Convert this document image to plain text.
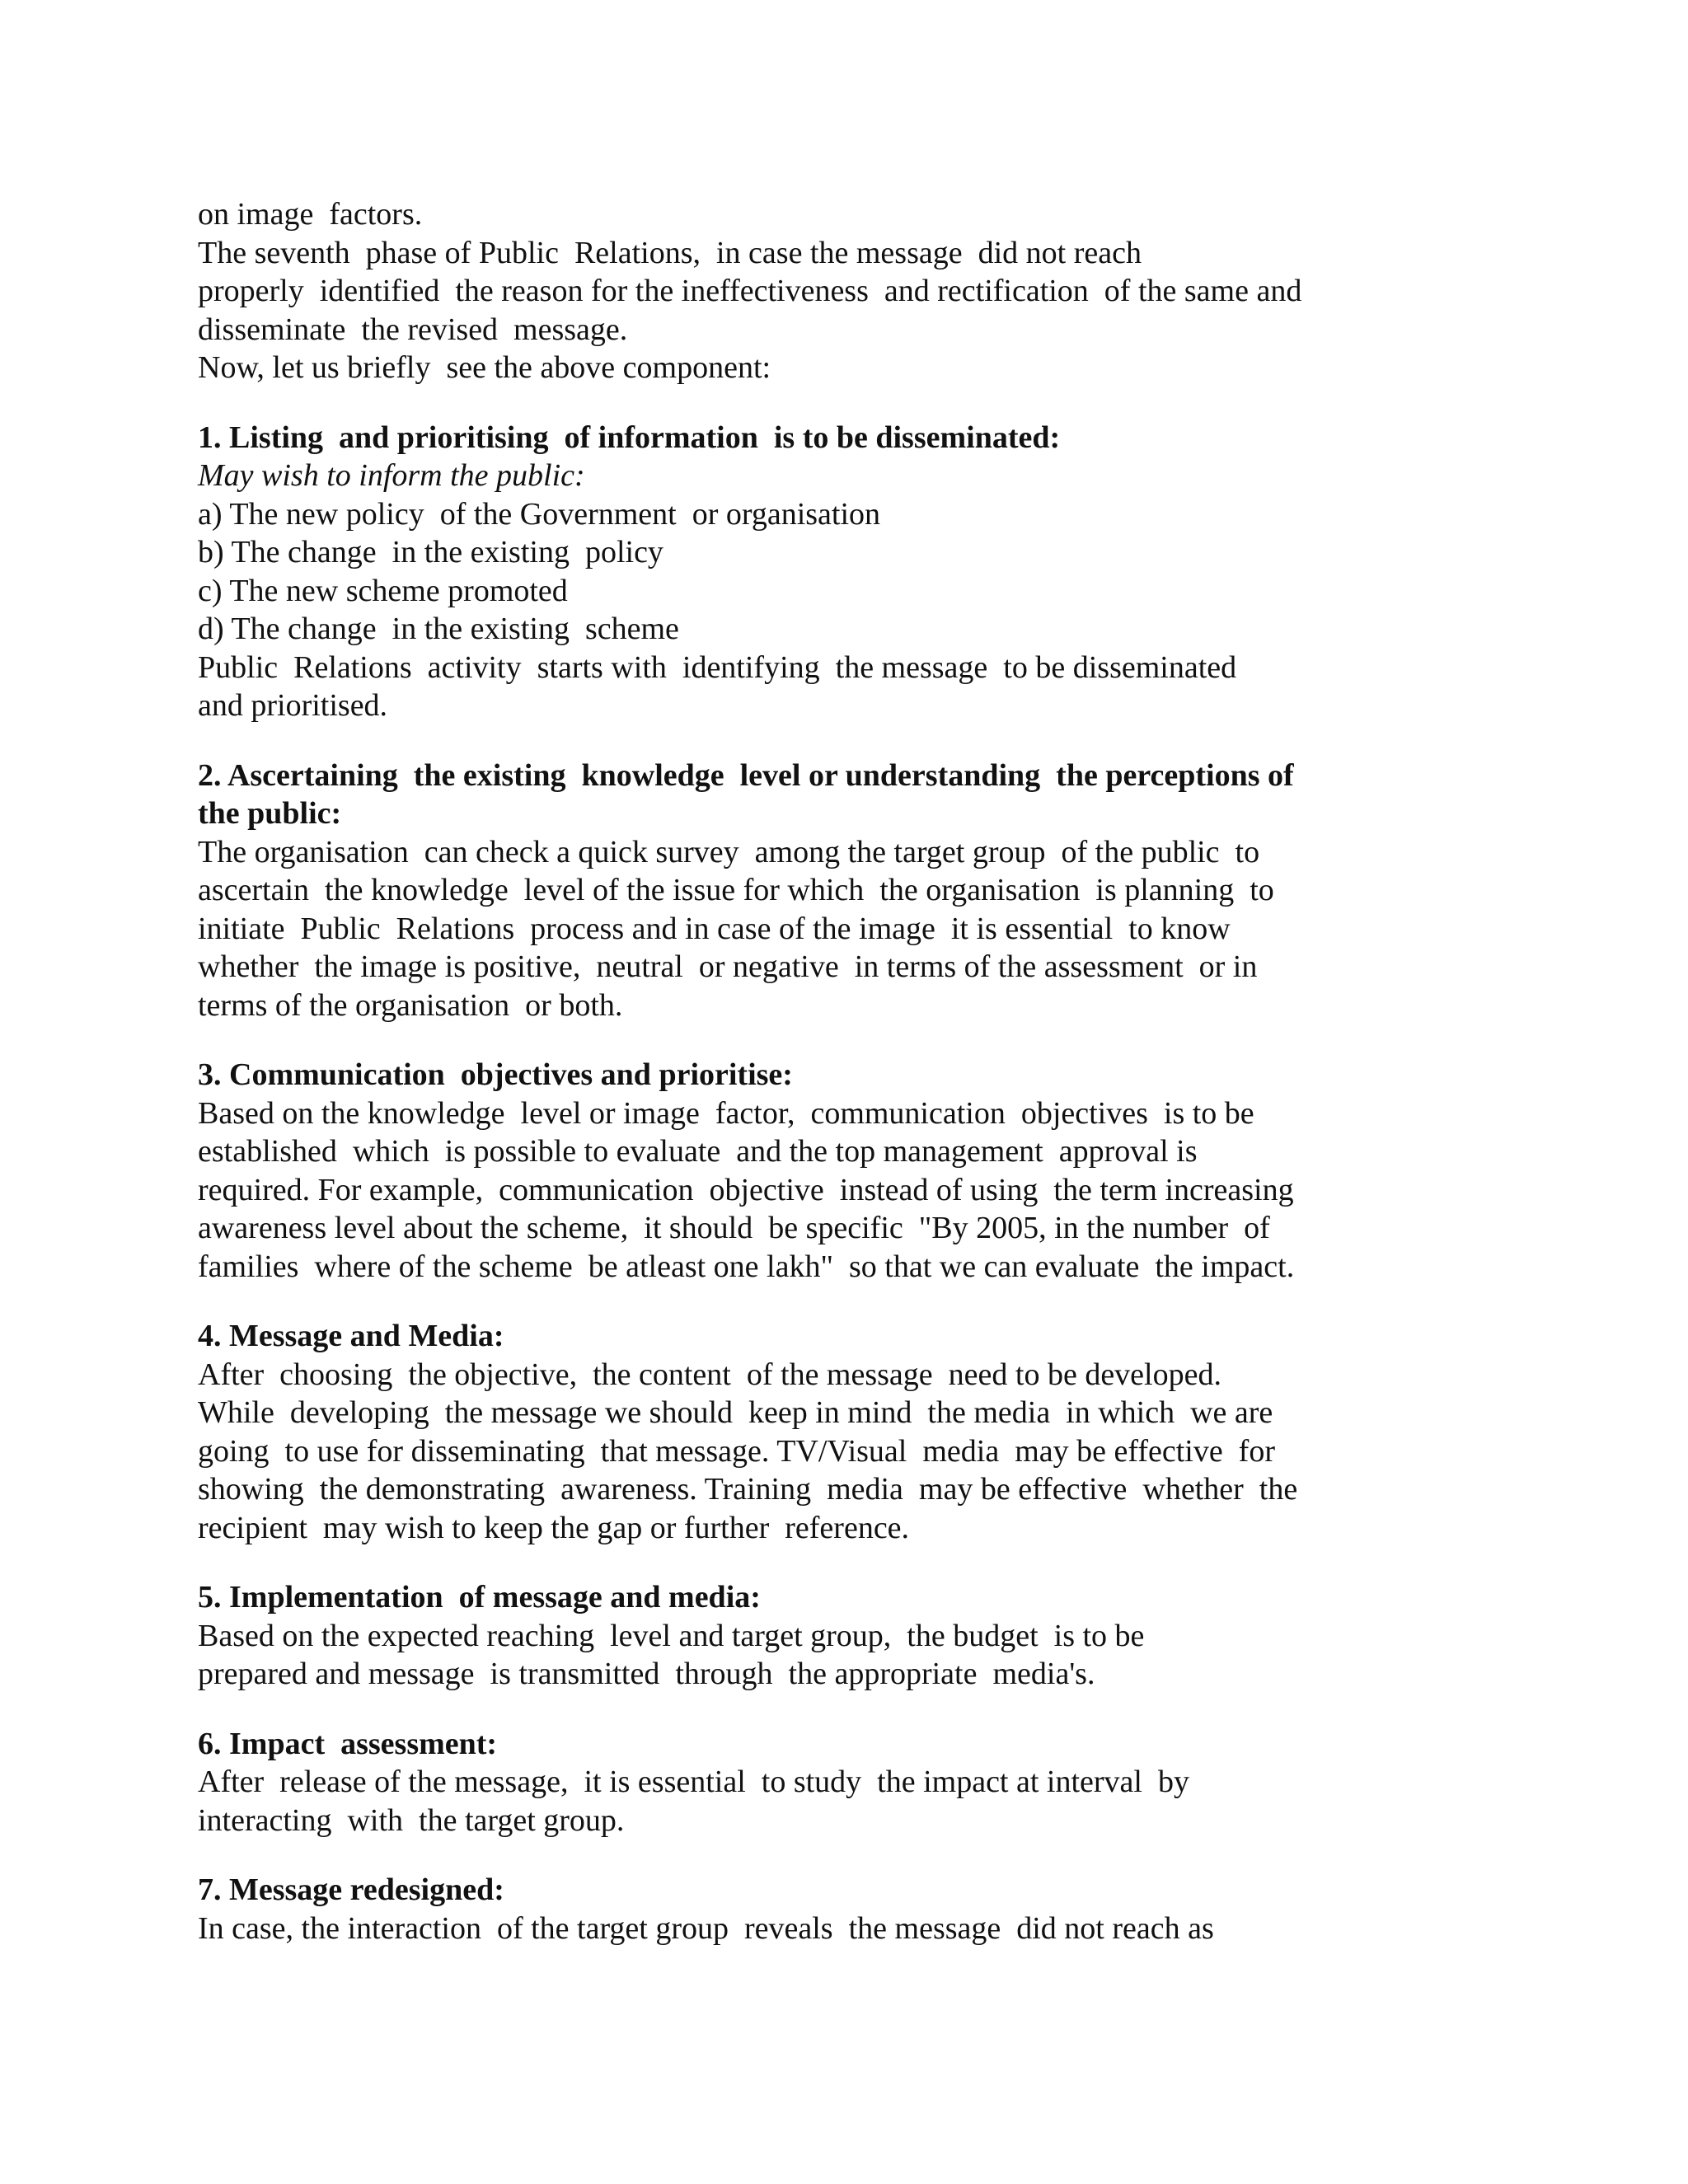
on image  factors.

The seventh  phase of Public  Relations,  in case the message  did not reach

properly  identified  the reason for the ineffectiveness  and rectification  of the same and

disseminate  the revised  message.

Now, let us briefly  see the above component:

1. Listing  and prioritising  of information  is to be disseminated:

May wish to inform the public:

a) The new policy  of the Government  or organisation

b) The change  in the existing  policy

c) The new scheme promoted

d) The change  in the existing  scheme

Public  Relations  activity  starts with  identifying  the message  to be disseminated

and prioritised.

2. Ascertaining  the existing  knowledge  level or understanding  the perceptions of

the public:

The organisation  can check a quick survey  among the target group  of the public  to

ascertain  the knowledge  level of the issue for which  the organisation  is planning  to

initiate  Public  Relations  process and in case of the image  it is essential  to know

whether  the image is positive,  neutral  or negative  in terms of the assessment  or in

terms of the organisation  or both.

3. Communication  objectives and prioritise:

Based on the knowledge  level or image  factor,  communication  objectives  is to be

established  which  is possible to evaluate  and the top management  approval is

required. For example,  communication  objective  instead of using  the term increasing

awareness level about the scheme,  it should  be specific  "By 2005, in the number  of

families  where of the scheme  be atleast one lakh"  so that we can evaluate  the impact.

4. Message and Media:

After  choosing  the objective,  the content  of the message  need to be developed.

While  developing  the message we should  keep in mind  the media  in which  we are

going  to use for disseminating  that message. TV/Visual  media  may be effective  for

showing  the demonstrating  awareness. Training  media  may be effective  whether  the

recipient  may wish to keep the gap or further  reference.

5. Implementation  of message and media:

Based on the expected reaching  level and target group,  the budget  is to be

prepared and message  is transmitted  through  the appropriate  media's.

6. Impact  assessment:

After  release of the message,  it is essential  to study  the impact at interval  by

interacting  with  the target group.

7. Message redesigned:

In case, the interaction  of the target group  reveals  the message  did not reach as
